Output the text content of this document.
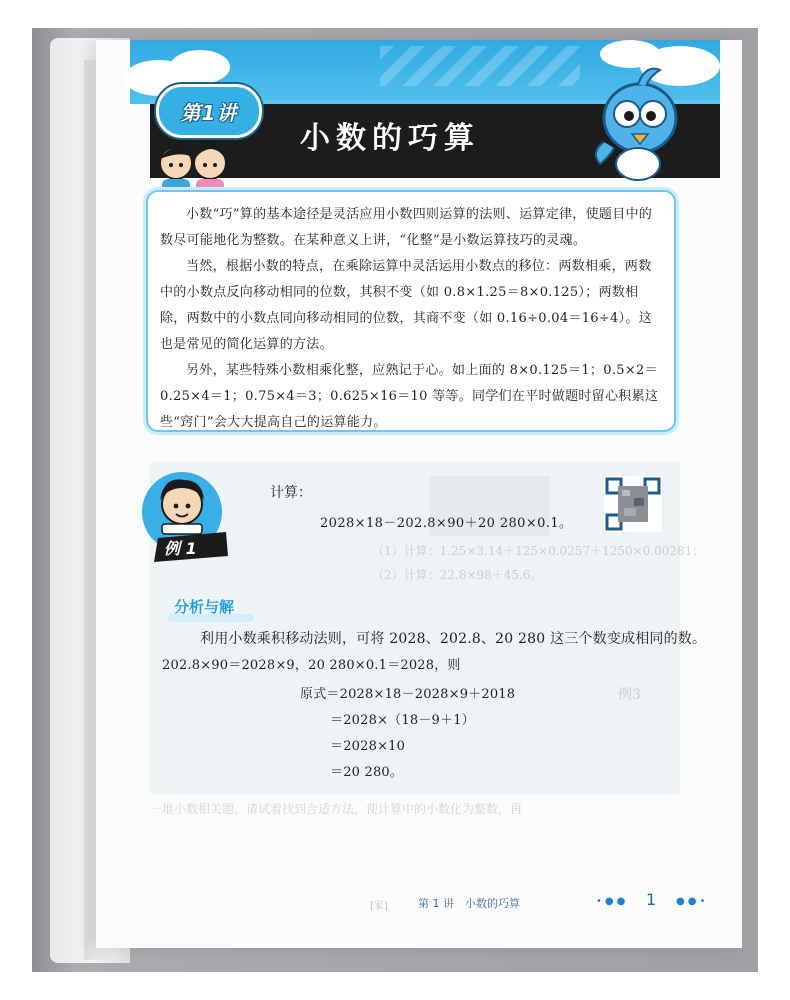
第1讲
小数的巧算

小数“巧”算的基本途径是灵活应用小数四则运算的法则、运算定律，使题目中的数尽可能地化为整数。在某种意义上讲，“化整”是小数运算技巧的灵魂。

当然，根据小数的特点，在乘除运算中灵活运用小数点的移位：两数相乘，两数中的小数点反向移动相同的位数，其积不变（如 0.8×1.25＝8×0.125）；两数相除，两数中的小数点同向移动相同的位数，其商不变（如 0.16÷0.04＝16÷4）。这也是常见的简化运算的方法。

另外，某些特殊小数相乘化整，应熟记于心。如上面的 8×0.125＝1；0.5×2＝0.25×4＝1；0.75×4＝3；0.625×16＝10 等等。同学们在平时做题时留心积累这些“窍门”会大大提高自己的运算能力。

（1）计算：1.25×3.14＋125×0.0257＋1250×0.00281；
（2）计算：22.8×98＋45.6。
例3
一堆小数相关题，请试着找到合适方法，使计算中的小数化为整数，再
例 1
计算：
2028×18－202.8×90＋20 280×0.1。
分析与解
利用小数乘积移动法则，可将 2028、202.8、20 280 这三个数变成相同的数。
202.8×90＝2028×9，20 280×0.1＝2028，则
原式＝2028×18－2028×9＋2018
＝2028×（18－9＋1）
＝2028×10
＝20 280。
[家]	第 1 讲　小数的巧算	•●● 1 ●●•
